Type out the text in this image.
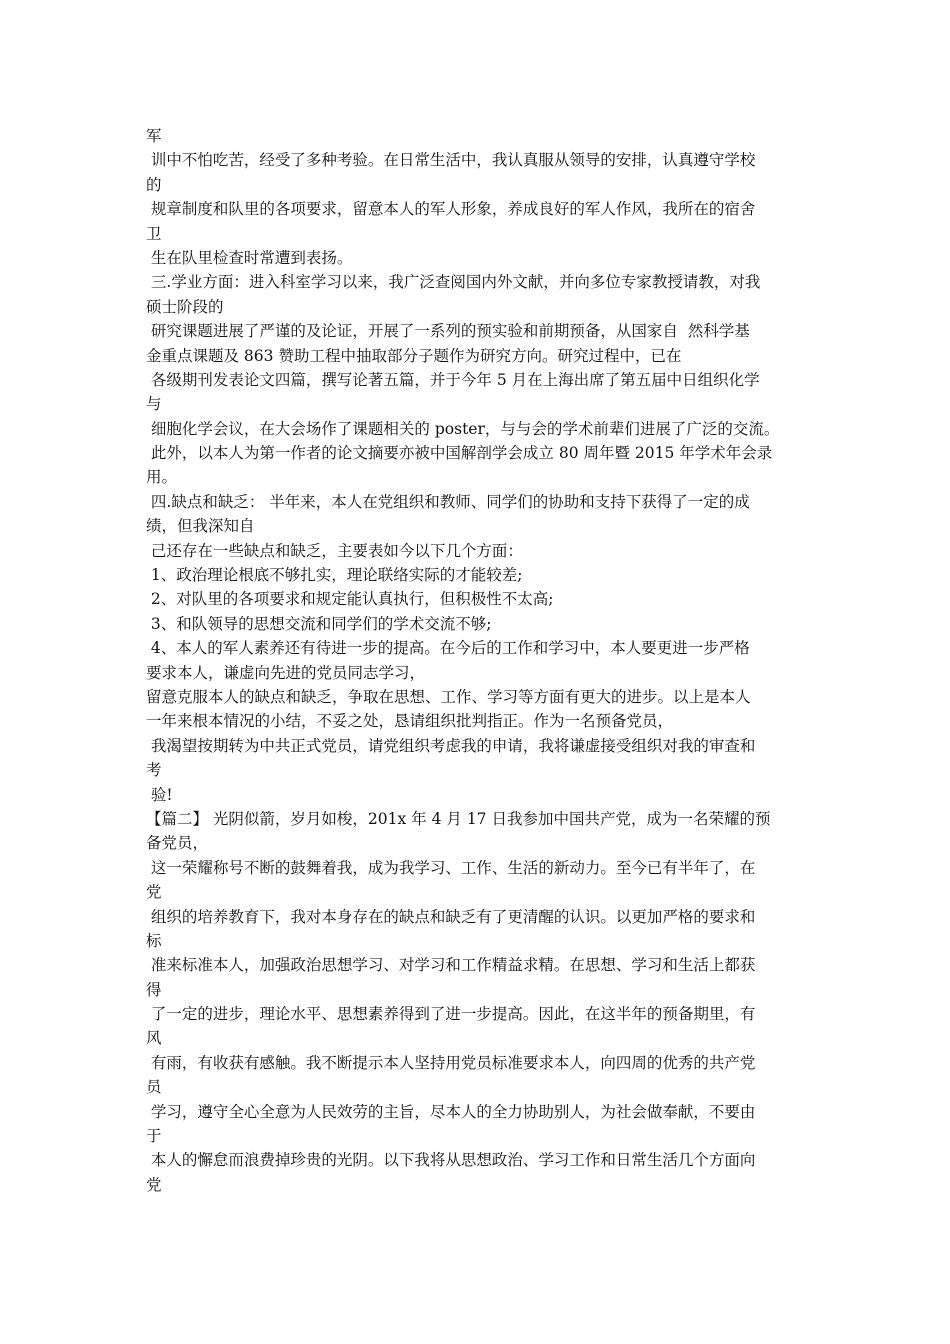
军
训中不怕吃苦，经受了多种考验。在日常生活中，我认真服从领导的安排，认真遵守学校
的
规章制度和队里的各项要求，留意本人的军人形象，养成良好的军人作风，我所在的宿舍
卫
生在队里检查时常遭到表扬。
三.学业方面：进入科室学习以来，我广泛查阅国内外文献，并向多位专家教授请教，对我
硕士阶段的
研究课题进展了严谨的及论证，开展了一系列的预实验和前期预备，从国家自  然科学基
金重点课题及 863 赞助工程中抽取部分子题作为研究方向。研究过程中，已在
各级期刊发表论文四篇，撰写论著五篇，并于今年 5 月在上海出席了第五届中日组织化学
与
细胞化学会议，在大会场作了课题相关的 poster，与与会的学术前辈们进展了广泛的交流。
此外，以本人为第一作者的论文摘要亦被中国解剖学会成立 80 周年暨 2015 年学术年会录
用。
四.缺点和缺乏： 半年来，本人在党组织和教师、同学们的协助和支持下获得了一定的成
绩，但我深知自
己还存在一些缺点和缺乏，主要表如今以下几个方面：
1、政治理论根底不够扎实，理论联络实际的才能较差;
2、对队里的各项要求和规定能认真执行，但积极性不太高;
3、和队领导的思想交流和同学们的学术交流不够;
4、本人的军人素养还有待进一步的提高。在今后的工作和学习中，本人要更进一步严格
要求本人，谦虚向先进的党员同志学习，
留意克服本人的缺点和缺乏，争取在思想、工作、学习等方面有更大的进步。以上是本人
一年来根本情况的小结，不妥之处，恳请组织批判指正。作为一名预备党员，
我渴望按期转为中共正式党员，请党组织考虑我的申请，我将谦虚接受组织对我的审查和
考
验!
【篇二】 光阴似箭，岁月如梭，201x 年 4 月 17 日我参加中国共产党，成为一名荣耀的预
备党员，
这一荣耀称号不断的鼓舞着我，成为我学习、工作、生活的新动力。至今已有半年了，在
党
组织的培养教育下，我对本身存在的缺点和缺乏有了更清醒的认识。以更加严格的要求和
标
准来标准本人，加强政治思想学习、对学习和工作精益求精。在思想、学习和生活上都获
得
了一定的进步，理论水平、思想素养得到了进一步提高。因此，在这半年的预备期里，有
风
有雨，有收获有感触。我不断提示本人坚持用党员标准要求本人，向四周的优秀的共产党
员
学习，遵守全心全意为人民效劳的主旨，尽本人的全力协助别人，为社会做奉献，不要由
于
本人的懈怠而浪费掉珍贵的光阴。以下我将从思想政治、学习工作和日常生活几个方面向
党
